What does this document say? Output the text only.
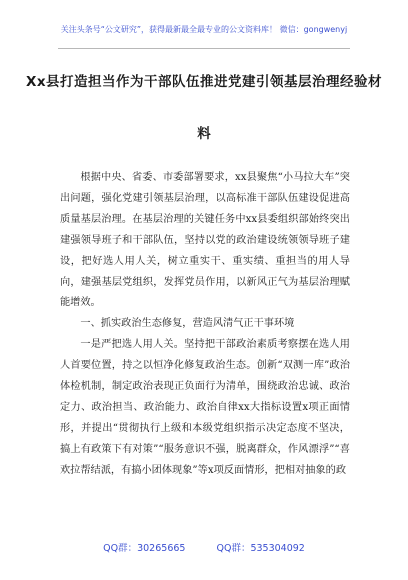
关注头条号“公文研究”，获得最新最全最专业的公文资料库！ 微信：gongwenyj
Xx县打造担当作为干部队伍推进党建引领基层治理经验材
料

根据中央、省委、市委部署要求，xx县聚焦“小马拉大车”突出问题，强化党建引领基层治理，以高标准干部队伍建设促进高质量基层治理。在基层治理的关键任务中xx县委组织部始终突出建强领导班子和干部队伍，坚持以党的政治建设统领领导班子建设，把好选人用人关，树立重实干、重实绩、重担当的用人导向，建强基层党组织，发挥党员作用，以新风正气为基层治理赋能增效。

一、抓实政治生态修复，营造风清气正干事环境

一是严把选人用人关。坚持把干部政治素质考察摆在选人用人首要位置，持之以恒净化修复政治生态。创新“双测一库”政治体检机制，制定政治表现正负面行为清单，围绕政治忠诚、政治定力、政治担当、政治能力、政治自律xx大指标设置x项正面情形，并提出“贯彻执行上级和本级党组织指示决定态度不坚决，搞上有政策下有对策”“服务意识不强，脱离群众，作风漂浮”“喜欢拉帮结派，有搞小团体现象”等x项反面情形，把相对抽象的政

QQ群：30265665	QQ群：535304092
